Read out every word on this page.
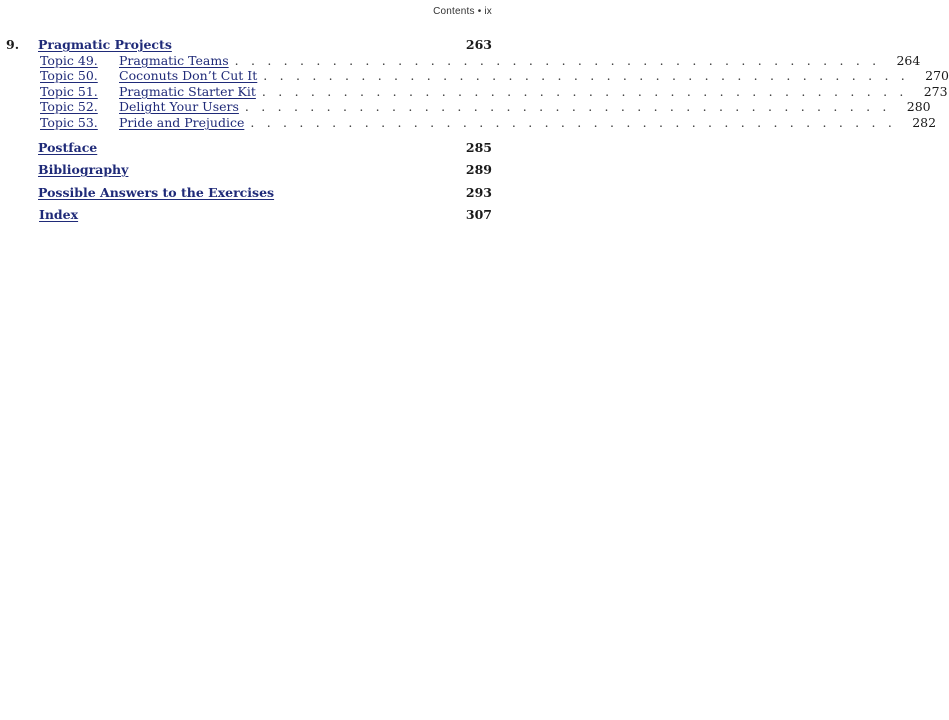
Contents • ix
9. Pragmatic Projects	263
Topic 49. Pragmatic Teams . . . . . . . . . . . . . . . . . . . . . . . . . . . . . . . . . . . . . . . . 264
Topic 50. Coconuts Don’t Cut It . . . . . . . . . . . . . . . . . . . . . . . . . . . . . . . . . . . . . . . . 270
Topic 51. Pragmatic Starter Kit . . . . . . . . . . . . . . . . . . . . . . . . . . . . . . . . . . . . . . . . 273
Topic 52. Delight Your Users . . . . . . . . . . . . . . . . . . . . . . . . . . . . . . . . . . . . . . . . 280
Topic 53. Pride and Prejudice . . . . . . . . . . . . . . . . . . . . . . . . . . . . . . . . . . . . . . . . 282
Postface	285
Bibliography	289
Possible Answers to the Exercises	293
Index	307
